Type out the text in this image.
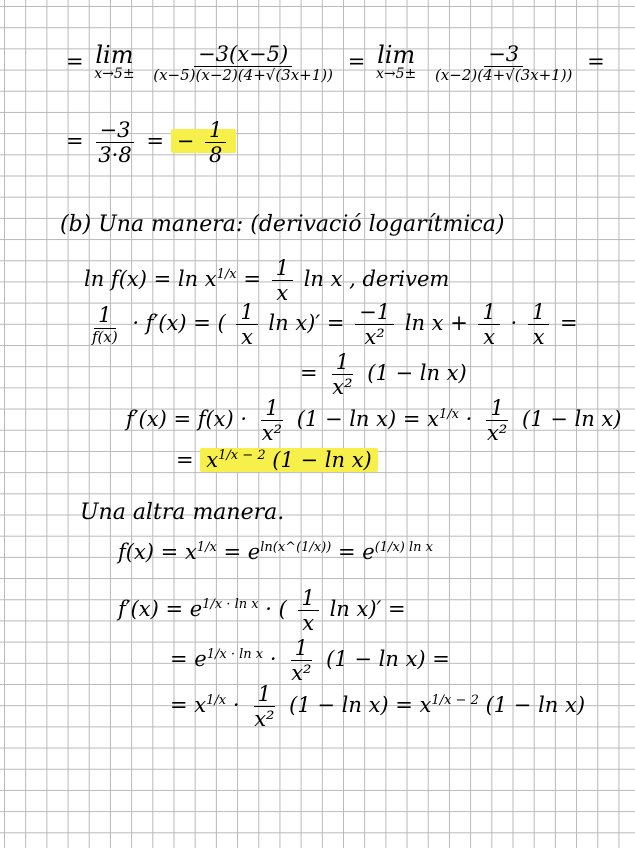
= lim
x→5±
$\frac{-3(x-5)}{(x-5)(x-2)(4+√(3x+1))} = \lim$
x→5±
$\frac{-3}{(x-2)(4+√(3x+1))}$ =
= $\frac{-3}{3\cdot 8}$ = − $\frac{1}{8}$
(b) Una manera: (derivació logarítmica)
$\ln f(x) = \ln x^{1/x} = \frac{1}{x}$ ln x , derivem
$\frac{1}{f(x)} \cdot f'(x)$ = ( $\frac{1}{x}$ $\ln x)' = \frac{-1}{\text{x²}}$ $\ln x + \frac{1}{x} \cdot \frac{1}{x}$ =
= $\frac{1}{\text{x²}} (1 - \ln x)$
$f'(x) = f(x) \cdot \frac{1}{\text{x²}} (1 - \ln x) = x^{1/x} \cdot \frac{1}{\text{x²}} (1 - \ln x)$
= $x^{1/x - 2}$ (1 − ln x)
Una altra manera.
$f(x) = x^{1/x} = e^{ln(x\^{}(1/x))} = e^{(1/x) ln x}$
$f'(x) = e^{1/x \cdot ln x}$ · ( $\frac{1}{x}$ ln x)′ =
= $e^{1/x \cdot ln x} \cdot \frac{1}{\text{x²}} (1 - \ln x)$ =
= $x^{1/x} \cdot \frac{1}{\text{x²}} (1 - \ln x) = x^{1/x - 2}$ (1 − ln x)
